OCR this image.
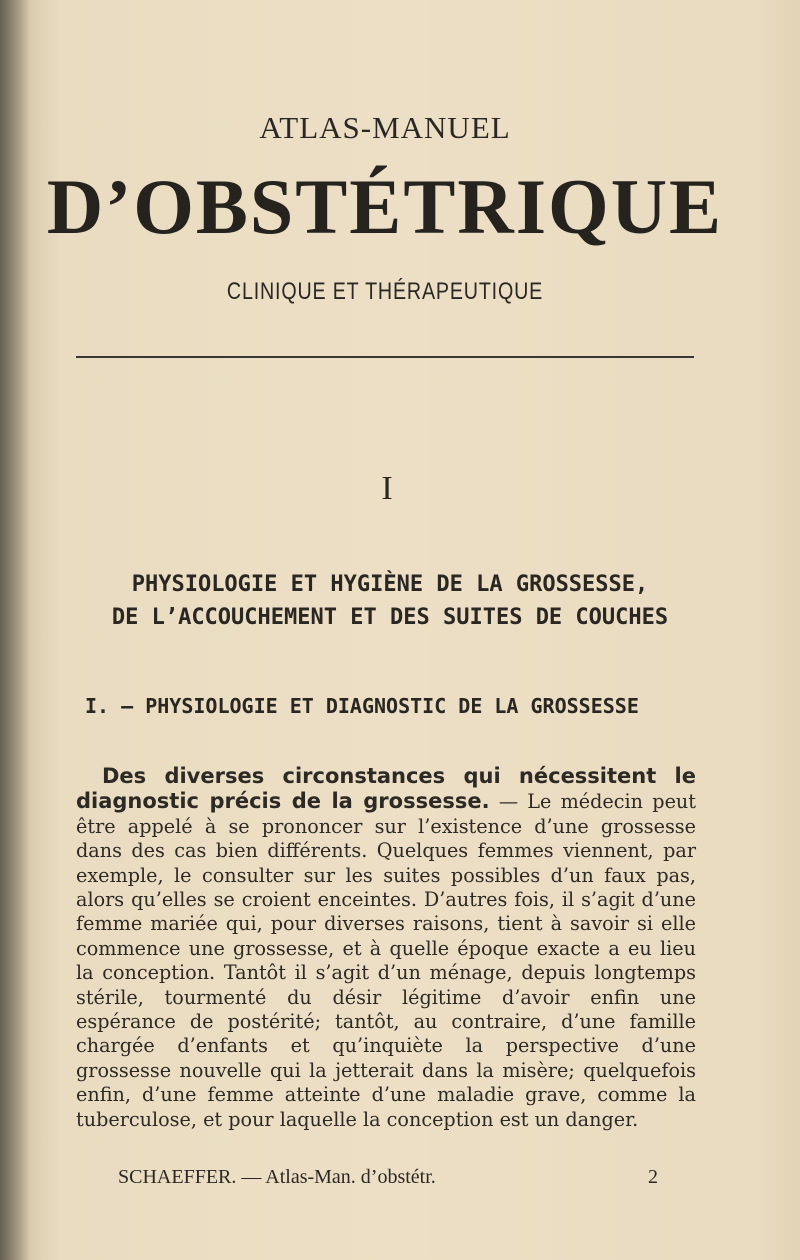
ATLAS-MANUEL
D’OBSTÉTRIQUE
CLINIQUE ET THÉRAPEUTIQUE
I
PHYSIOLOGIE ET HYGIÈNE DE LA GROSSESSE,
DE L’ACCOUCHEMENT ET DES SUITES DE COUCHES
I. — PHYSIOLOGIE ET DIAGNOSTIC DE LA GROSSESSE
Des diverses circonstances qui nécessitent le diagnostic précis de la grossesse. — Le médecin peut être appelé à se prononcer sur l’existence d’une grossesse dans des cas bien différents. Quelques femmes viennent, par exemple, le consulter sur les suites possibles d’un faux pas, alors qu’elles se croient enceintes. D’autres fois, il s’agit d’une femme mariée qui, pour diverses raisons, tient à savoir si elle commence une grossesse, et à quelle époque exacte a eu lieu la conception. Tantôt il s’agit d’un ménage, depuis longtemps stérile, tourmenté du désir légitime d’avoir enfin une espérance de postérité; tantôt, au contraire, d’une famille chargée d’enfants et qu’inquiète la perspective d’une grossesse nouvelle qui la jetterait dans la misère; quelquefois enfin, d’une femme atteinte d’une maladie grave, comme la tuberculose, et pour laquelle la conception est un danger.
SCHAEFFER. — Atlas-Man. d’obstétr.	2
